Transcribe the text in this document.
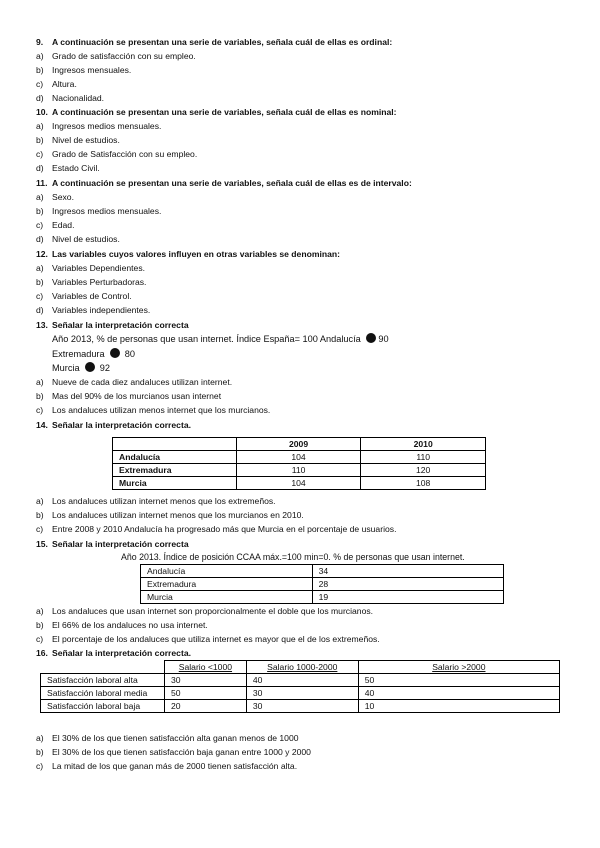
9. A continuación se presentan una serie de variables, señala cuál de ellas es ordinal:
a) Grado de satisfacción con su empleo.
b) Ingresos mensuales.
c) Altura.
d) Nacionalidad.
10. A continuación se presentan una serie de variables, señala cuál de ellas es nominal:
a) Ingresos medios mensuales.
b) Nivel de estudios.
c) Grado de Satisfacción con su empleo.
d) Estado Civil.
11. A continuación se presentan una serie de variables, señala cuál de ellas es de intervalo:
a) Sexo.
b) Ingresos medios mensuales.
c) Edad.
d) Nivel de estudios.
12. Las variables cuyos valores influyen en otras variables se denominan:
a) Variables Dependientes.
b) Variables Perturbadoras.
c) Variables de Control.
d) Variables independientes.
13. Señalar la interpretación correcta
Año 2013, % de personas que usan internet. Índice España= 100 Andalucía 90
Extremadura 80
Murcia 92
a) Nueve de cada diez andaluces utilizan internet.
b) Mas del 90% de los murcianos usan internet
c) Los andaluces utilizan menos internet que los murcianos.
14. Señalar la interpretación correcta.
	2009	2010
Andalucía	104	110
Extremadura	110	120
Murcia	104	108
a) Los andaluces utilizan internet menos que los extremeños.
b) Los andaluces utilizan internet menos que los murcianos en 2010.
c) Entre 2008 y 2010 Andalucía ha progresado más que Murcia en el porcentaje de usuarios.
15. Señalar la interpretación correcta
Año 2013. Índice de posición CCAA máx.=100 min=0. % de personas que usan internet.
Andalucía	34
Extremadura	28
Murcia	19
a) Los andaluces que usan internet son proporcionalmente el doble que los murcianos.
b) El 66% de los andaluces no usa internet.
c) El porcentaje de los andaluces que utiliza internet es mayor que el de los extremeños.
16. Señalar la interpretación correcta.
	Salario <1000	Salario 1000-2000	Salario >2000
Satisfacción laboral alta	30	40	50
Satisfacción laboral media	50	30	40
Satisfacción laboral baja	20	30	10
a) El 30% de los que tienen satisfacción alta ganan menos de 1000
b) El 30% de los que tienen satisfacción baja ganan entre 1000 y 2000
c) La mitad de los que ganan más de 2000 tienen satisfacción alta.
